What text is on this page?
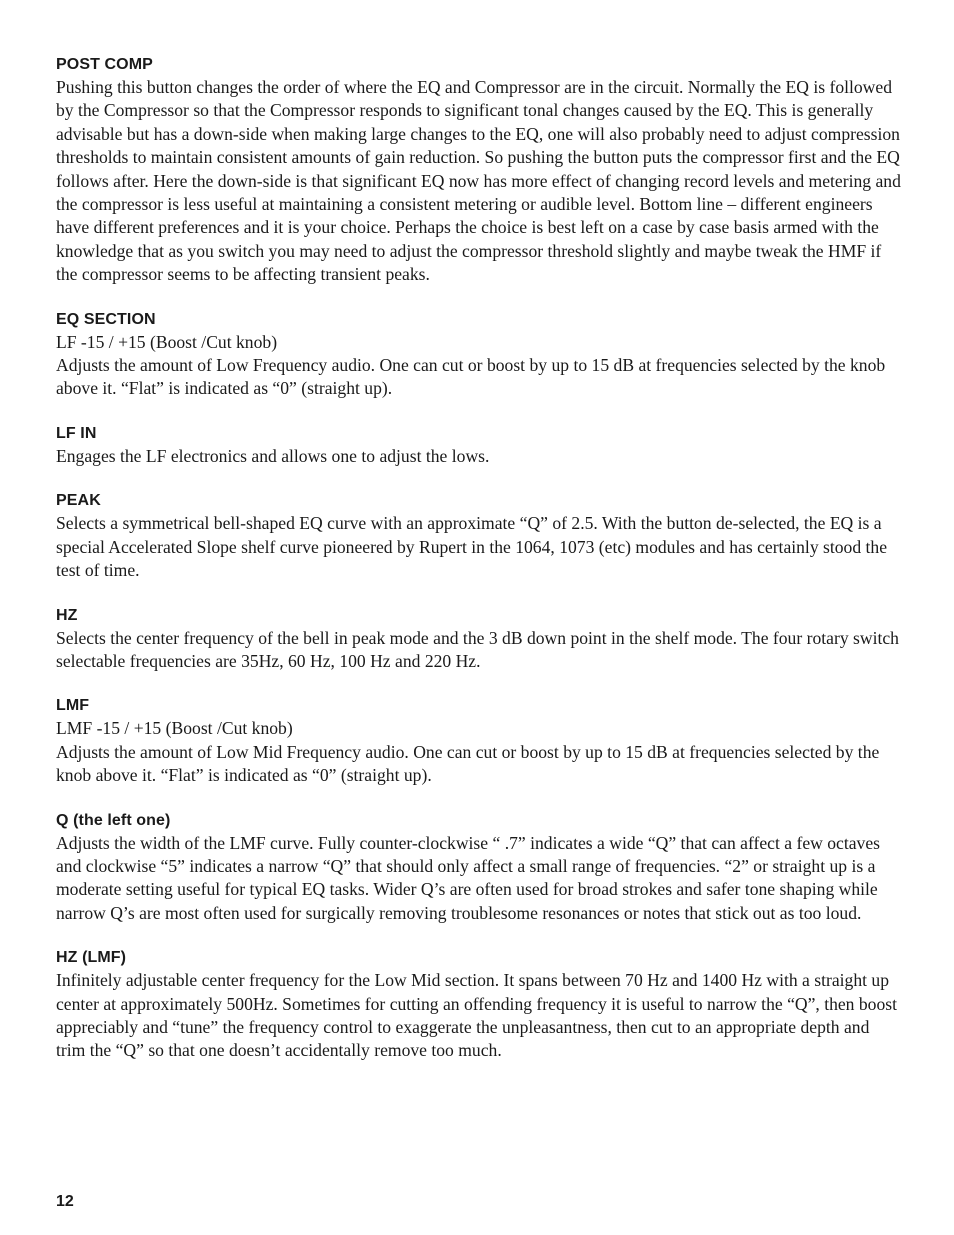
POST COMP

Pushing this button changes the order of where the EQ and Compressor are in the circuit. Normally the EQ is followed by the Compressor so that the Compressor responds to significant tonal changes caused by the EQ. This is generally advisable but has a down-side when making large changes to the EQ, one will also probably need to adjust compression thresholds to maintain consistent amounts of gain reduction. So pushing the button puts the compressor first and the EQ follows after. Here the down-side is that significant EQ now has more effect of changing record levels and metering and the compressor is less useful at maintaining a consistent metering or audible level. Bottom line – different engineers have different preferences and it is your choice. Perhaps the choice is best left on a case by case basis armed with the knowledge that as you switch you may need to adjust the compressor threshold slightly and maybe tweak the HMF if the compressor seems to be affecting transient peaks.

EQ SECTION

LF -15 / +15 (Boost /Cut knob)

Adjusts the amount of Low Frequency audio. One can cut or boost by up to 15 dB at frequencies selected by the knob above it. “Flat” is indicated as “0” (straight up).

LF IN

Engages the LF electronics and allows one to adjust the lows.

PEAK

Selects a symmetrical bell-shaped EQ curve with an approximate “Q” of 2.5. With the button de-selected, the EQ is a special Accelerated Slope shelf curve pioneered by Rupert in the 1064, 1073 (etc) modules and has certainly stood the test of time.

HZ

Selects the center frequency of the bell in peak mode and the 3 dB down point in the shelf mode. The four rotary switch selectable frequencies are 35Hz, 60 Hz, 100 Hz and 220 Hz.

LMF

LMF -15 / +15 (Boost /Cut knob)

Adjusts the amount of Low Mid Frequency audio. One can cut or boost by up to 15 dB at frequencies selected by the knob above it. “Flat” is indicated as “0” (straight up).

Q (the left one)

Adjusts the width of the LMF curve. Fully counter-clockwise “ .7” indicates a wide “Q” that can affect a few octaves and clockwise “5” indicates a narrow “Q” that should only affect a small range of frequencies. “2” or straight up is a moderate setting useful for typical EQ tasks. Wider Q’s are often used for broad strokes and safer tone shaping while narrow Q’s are most often used for surgically removing troublesome resonances or notes that stick out as too loud.

HZ (LMF)

Infinitely adjustable center frequency for the Low Mid section. It spans between 70 Hz and 1400 Hz with a straight up center at approximately 500Hz. Sometimes for cutting an offending frequency it is useful to narrow the “Q”, then boost appreciably and “tune” the frequency control to exaggerate the unpleasantness, then cut to an appropriate depth and trim the “Q” so that one doesn’t accidentally remove too much.

12
